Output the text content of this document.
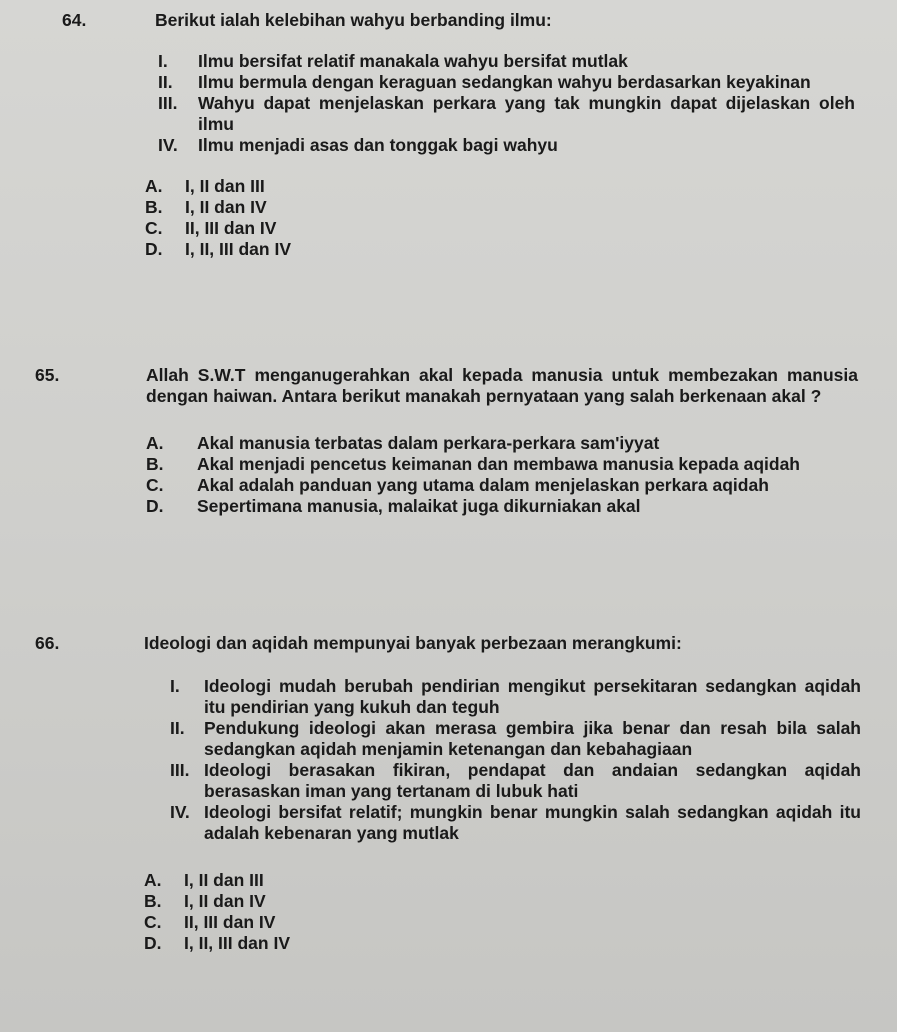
64.	Berikut ialah kelebihan wahyu berbanding ilmu:
I.	Ilmu bersifat relatif manakala wahyu bersifat mutlak
II.	Ilmu bermula dengan keraguan sedangkan wahyu berdasarkan keyakinan
III.	Wahyu dapat menjelaskan perkara yang tak mungkin dapat dijelaskan oleh ilmu
IV.	Ilmu menjadi asas dan tonggak bagi wahyu
A.	I, II dan III
B.	I, II dan IV
C.	II, III dan IV
D.	I, II, III dan IV
65.	Allah S.W.T menganugerahkan akal kepada manusia untuk membezakan manusia dengan haiwan. Antara berikut manakah pernyataan yang salah berkenaan akal ?
A.	Akal manusia terbatas dalam perkara-perkara sam'iyyat
B.	Akal menjadi pencetus keimanan dan membawa manusia kepada aqidah
C.	Akal adalah panduan yang utama dalam menjelaskan perkara aqidah
D.	Sepertimana manusia, malaikat juga dikurniakan akal
66.	Ideologi dan aqidah mempunyai banyak perbezaan merangkumi:
I.	Ideologi mudah berubah pendirian mengikut persekitaran sedangkan aqidah itu pendirian yang kukuh dan teguh
II.	Pendukung ideologi akan merasa gembira jika benar dan resah bila salah sedangkan aqidah menjamin ketenangan dan kebahagiaan
III. Ideologi berasakan fikiran, pendapat dan andaian sedangkan aqidah berasaskan iman yang tertanam di lubuk hati
IV. Ideologi bersifat relatif; mungkin benar mungkin salah sedangkan aqidah itu adalah kebenaran yang mutlak
A.	I, II dan III
B.	I, II dan IV
C.	II, III dan IV
D.	I, II, III dan IV
